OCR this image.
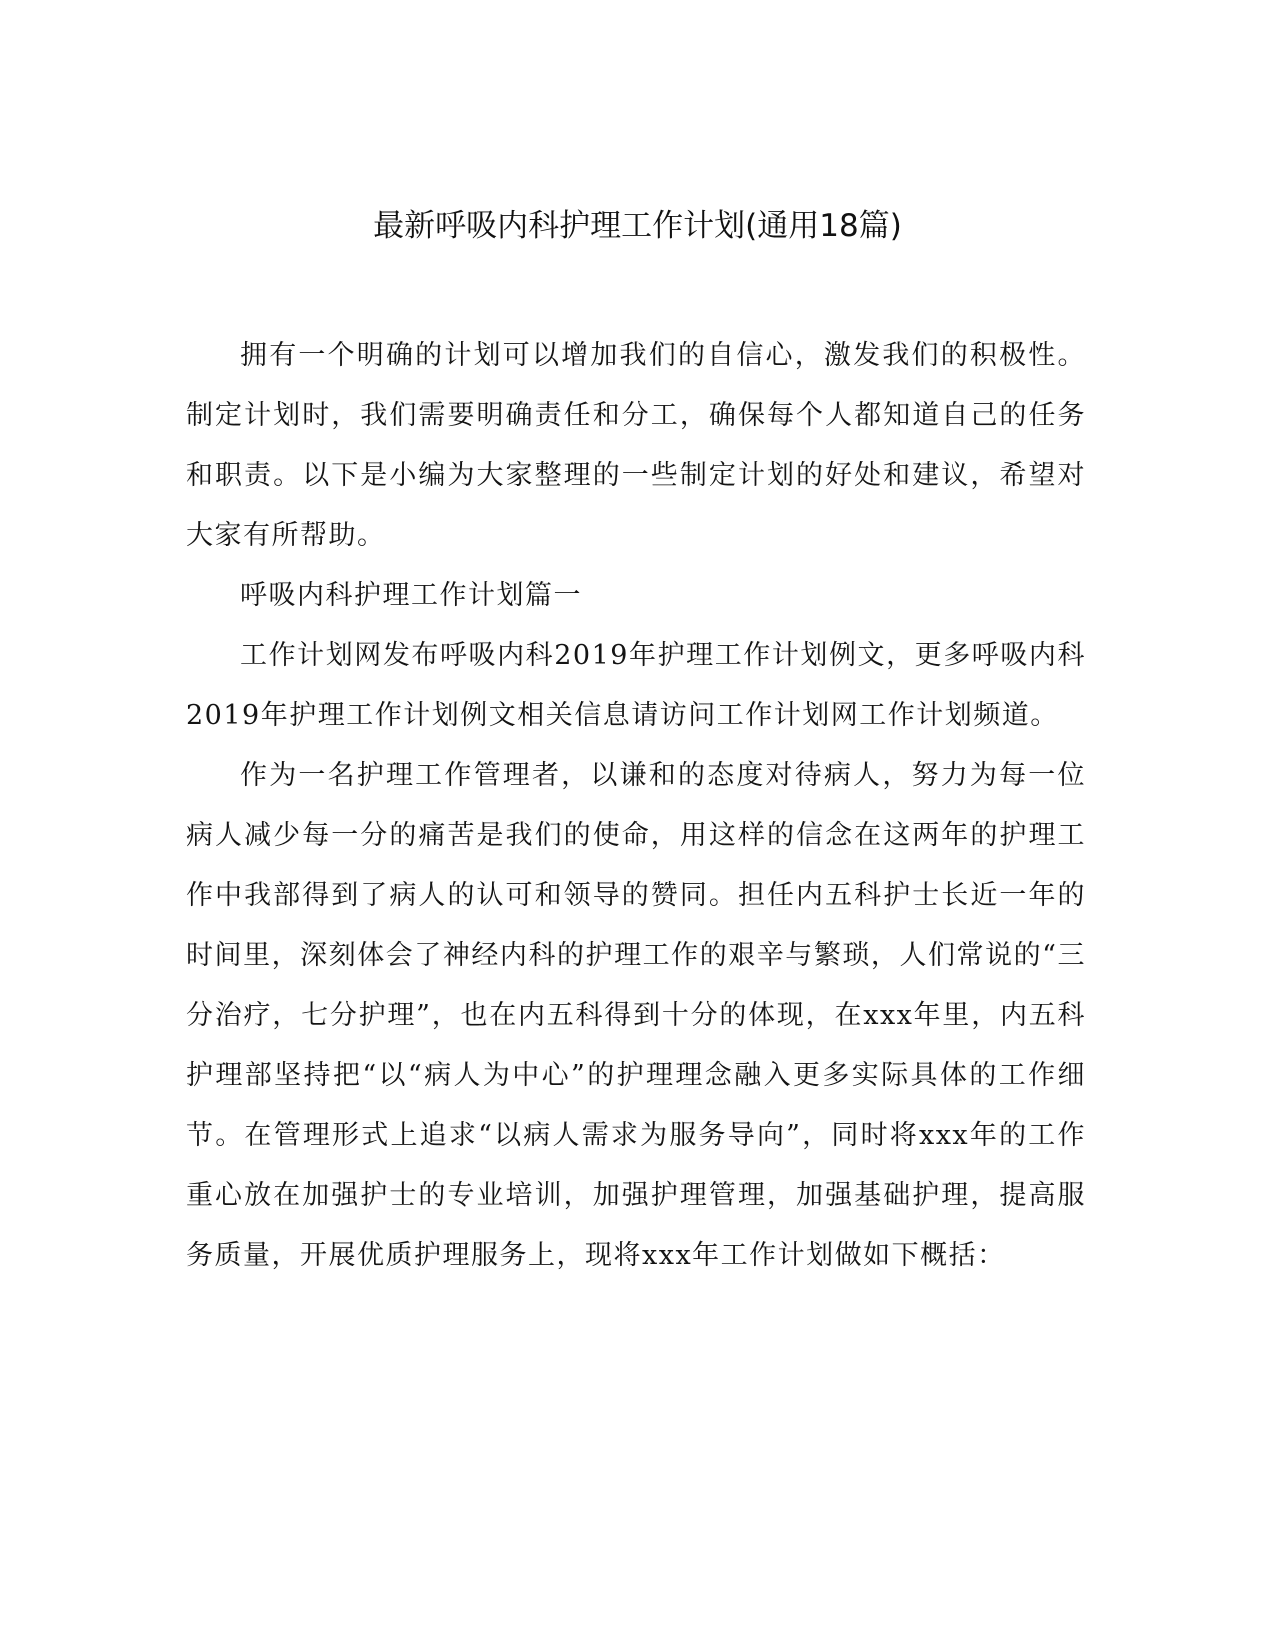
最新呼吸内科护理工作计划(通用18篇)

拥有一个明确的计划可以增加我们的自信心，激发我们的积极性。制定计划时，我们需要明确责任和分工，确保每个人都知道自己的任务和职责。以下是小编为大家整理的一些制定计划的好处和建议，希望对大家有所帮助。

呼吸内科护理工作计划篇一

工作计划网发布呼吸内科2019年护理工作计划例文，更多呼吸内科2019年护理工作计划例文相关信息请访问工作计划网工作计划频道。

作为一名护理工作管理者，以谦和的态度对待病人，努力为每一位病人减少每一分的痛苦是我们的使命，用这样的信念在这两年的护理工作中我部得到了病人的认可和领导的赞同。担任内五科护士长近一年的时间里，深刻体会了神经内科的护理工作的艰辛与繁琐，人们常说的“三分治疗，七分护理”，也在内五科得到十分的体现，在xxx年里，内五科护理部坚持把“以“病人为中心”的护理理念融入更多实际具体的工作细节。在管理形式上追求“以病人需求为服务导向”，同时将xxx年的工作重心放在加强护士的专业培训，加强护理管理，加强基础护理，提高服务质量，开展优质护理服务上，现将xxx年工作计划做如下概括：
